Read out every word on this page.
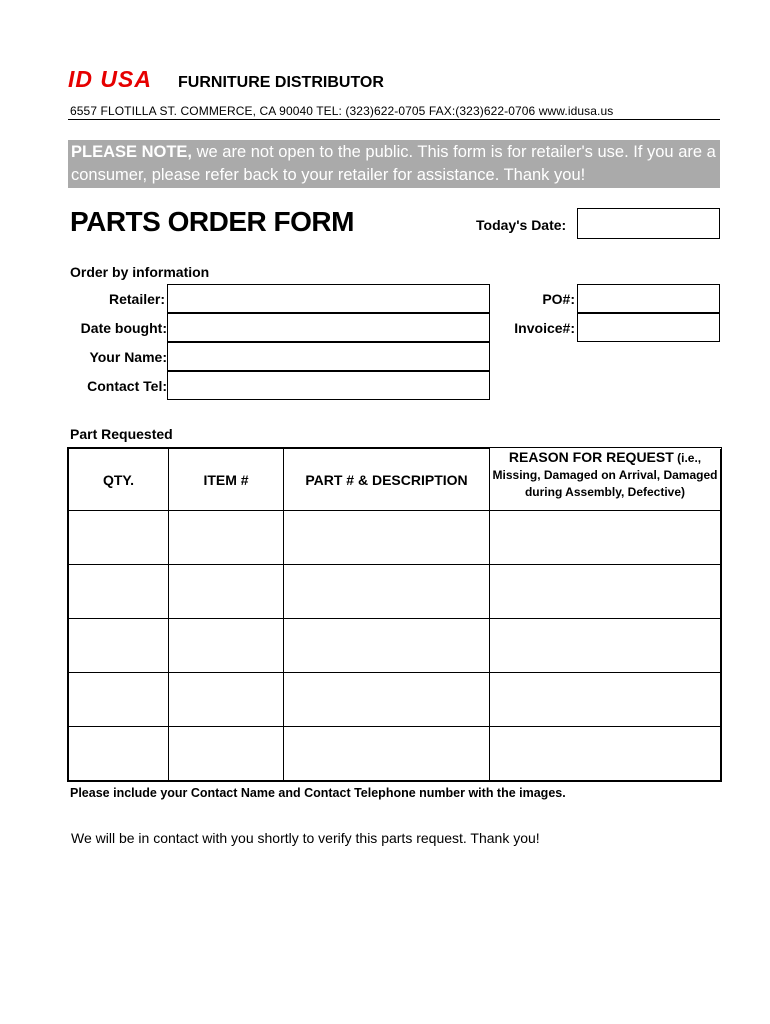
ID USA FURNITURE DISTRIBUTOR
6557 FLOTILLA ST. COMMERCE, CA 90040 TEL: (323)622-0705 FAX:(323)622-0706 www.idusa.us
PLEASE NOTE, we are not open to the public. This form is for retailer's use. If you are a consumer, please refer back to your retailer for assistance. Thank you!
PARTS ORDER FORM	Today's Date:
Order by information
Retailer:
Date bought:
Your Name:
Contact Tel:
PO#:
Invoice#:
Part Requested
QTY.	ITEM #	PART # & DESCRIPTION	REASON FOR REQUEST (i.e., Missing, Damaged on Arrival, Damaged during Assembly, Defective)

Please include your Contact Name and Contact Telephone number with the images.
We will be in contact with you shortly to verify this parts request. Thank you!
